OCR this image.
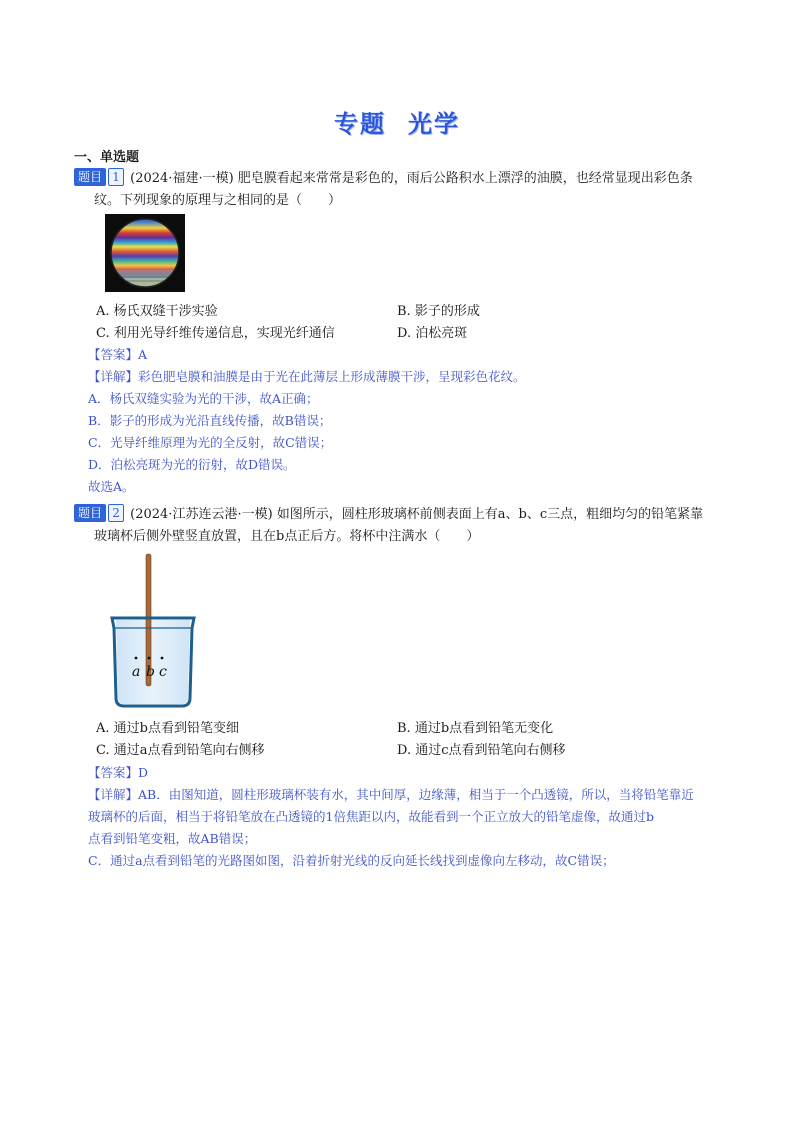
专题 光学
一、单选题
题目 1 (2024·福建·一模) 肥皂膜看起来常常是彩色的，雨后公路积水上漂浮的油膜，也经常显现出彩色条
纹。下列现象的原理与之相同的是（　　）
A. 杨氏双缝干涉实验	B. 影子的形成
C. 利用光导纤维传递信息，实现光纤通信	D. 泊松亮斑
【答案】A
【详解】彩色肥皂膜和油膜是由于光在此薄层上形成薄膜干涉，呈现彩色花纹。
A．杨氏双缝实验为光的干涉，故A正确；
B．影子的形成为光沿直线传播，故B错误；
C．光导纤维原理为光的全反射，故C错误；
D．泊松亮斑为光的衍射，故D错误。
故选A。
题目 2 (2024·江苏连云港·一模) 如图所示，圆柱形玻璃杯前侧表面上有a、b、c三点，粗细均匀的铅笔紧靠
玻璃杯后侧外壁竖直放置，且在b点正后方。将杯中注满水（　　）
a b c
A. 通过b点看到铅笔变细	B. 通过b点看到铅笔无变化
C. 通过a点看到铅笔向右侧移	D. 通过c点看到铅笔向右侧移
【答案】D
【详解】AB．由图知道，圆柱形玻璃杯装有水，其中间厚，边缘薄，相当于一个凸透镜，所以，当将铅笔靠近
玻璃杯的后面，相当于将铅笔放在凸透镜的1倍焦距以内，故能看到一个正立放大的铅笔虚像，故通过b
点看到铅笔变粗，故AB错误；
C．通过a点看到铅笔的光路图如图，沿着折射光线的反向延长线找到虚像向左移动，故C错误；
